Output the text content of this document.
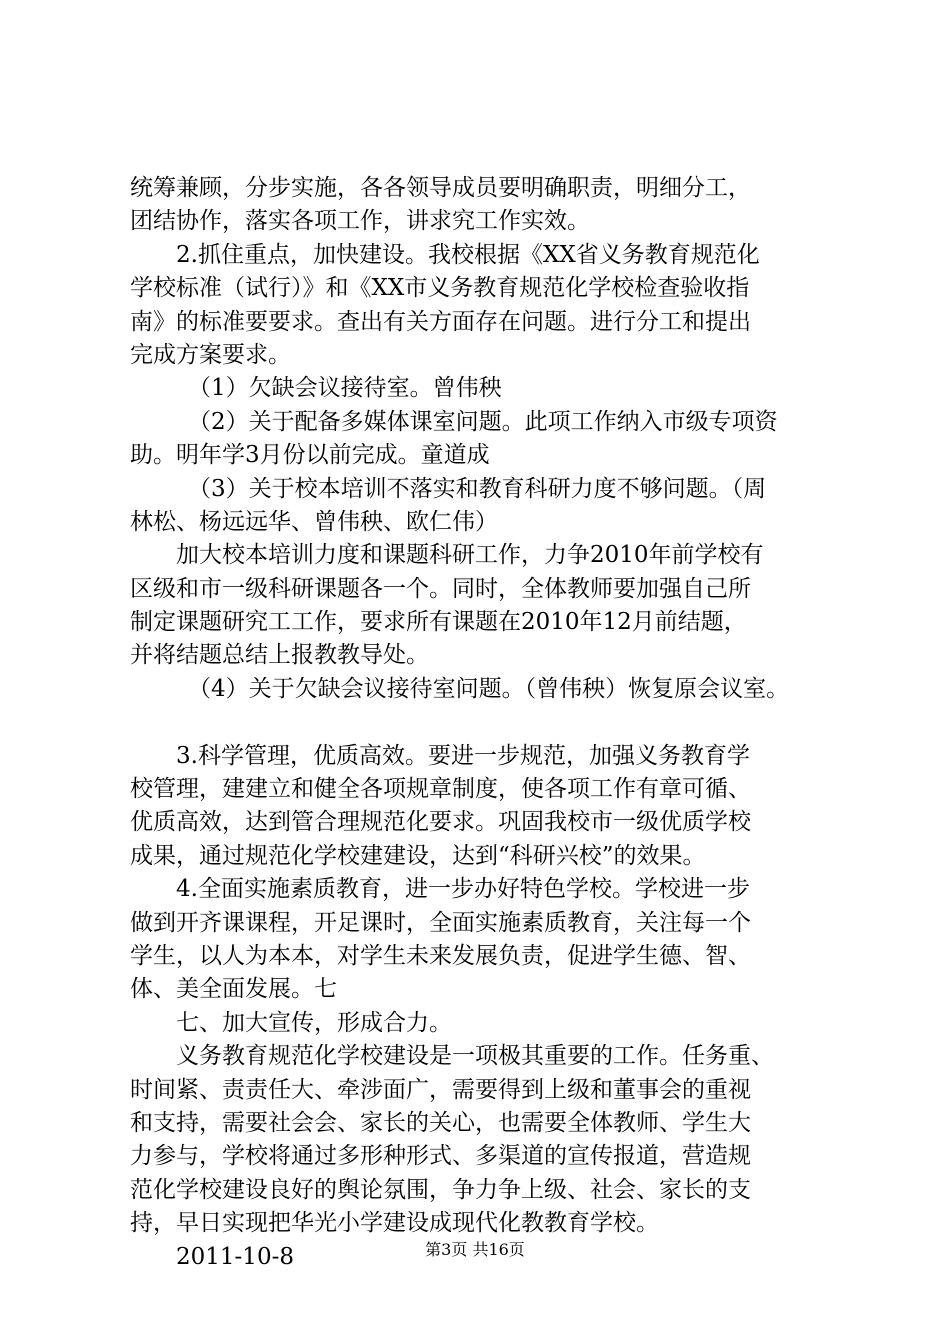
统筹兼顾，分步实施，各各领导成员要明确职责，明细分工，
团结协作，落实各项工作，讲求究工作实效。
2.抓住重点，加快建设。我校根据《XX省义务教育规范化
学校标准（试行）》和《XX市义务教育规范化学校检查验收指
南》的标准要要求。查出有关方面存在问题。进行分工和提出
完成方案要求。
（1）欠缺会议接待室。曾伟秧
（2）关于配备多媒体课室问题。此项工作纳入市级专项资
助。明年学3月份以前完成。童道成
（3）关于校本培训不落实和教育科研力度不够问题。（周
林松、杨远远华、曾伟秧、欧仁伟）
加大校本培训力度和课题科研工作，力争2010年前学校有
区级和市一级科研课题各一个。同时，全体教师要加强自己所
制定课题研究工工作，要求所有课题在2010年12月前结题，
并将结题总结上报教教导处。
（4）关于欠缺会议接待室问题。（曾伟秧）恢复原会议室。
3.科学管理，优质高效。要进一步规范，加强义务教育学
校管理，建建立和健全各项规章制度，使各项工作有章可循、
优质高效，达到管合理规范化要求。巩固我校市一级优质学校
成果，通过规范化学校建建设，达到“科研兴校”的效果。
4.全面实施素质教育，进一步办好特色学校。学校进一步
做到开齐课课程，开足课时，全面实施素质教育，关注每一个
学生，以人为本本，对学生未来发展负责，促进学生德、智、
体、美全面发展。七
七、加大宣传，形成合力。
义务教育规范化学校建设是一项极其重要的工作。任务重、
时间紧、责责任大、牵涉面广，需要得到上级和董事会的重视
和支持，需要社会会、家长的关心，也需要全体教师、学生大
力参与，学校将通过多形种形式、多渠道的宣传报道，营造规
范化学校建设良好的舆论氛围，争力争上级、社会、家长的支
持，早日实现把华光小学建设成现代化教教育学校。
2011-10-8	第3页 共16页
